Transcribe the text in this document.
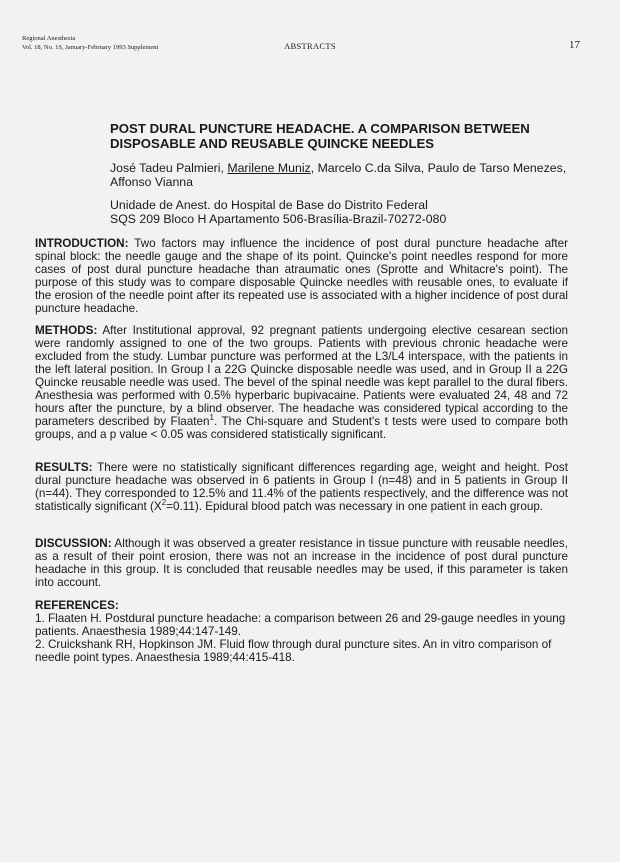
Regional Anesthesia
Vol. 18, No. 1S, January-February 1993 Supplement	ABSTRACTS	17
POST DURAL PUNCTURE HEADACHE. A COMPARISON BETWEEN
DISPOSABLE AND REUSABLE QUINCKE NEEDLES
José Tadeu Palmieri, Marilene Muniz, Marcelo C.da Silva, Paulo de Tarso Menezes, Affonso Vianna
Unidade de Anest. do Hospital de Base do Distrito Federal
SQS 209 Bloco H Apartamento 506-Brasília-Brazil-70272-080
INTRODUCTION: Two factors may influence the incidence of post dural puncture headache after spinal block: the needle gauge and the shape of its point. Quincke's point needles respond for more cases of post dural puncture headache than atraumatic ones (Sprotte and Whitacre's point). The purpose of this study was to compare disposable Quincke needles with reusable ones, to evaluate if the erosion of the needle point after its repeated use is associated with a higher incidence of post dural puncture headache.
METHODS: After Institutional approval, 92 pregnant patients undergoing elective cesarean section were randomly assigned to one of the two groups. Patients with previous chronic headache were excluded from the study. Lumbar puncture was performed at the L3/L4 interspace, with the patients in the left lateral position. In Group I a 22G Quincke disposable needle was used, and in Group II a 22G Quincke reusable needle was used. The bevel of the spinal needle was kept parallel to the dural fibers. Anesthesia was performed with 0.5% hyperbaric bupivacaine. Patients were evaluated 24, 48 and 72 hours after the puncture, by a blind observer. The headache was considered typical according to the parameters described by Flaaten$^1$. The Chi-square and Student's t tests were used to compare both groups, and a p value < 0.05 was considered statistically significant.
RESULTS: There were no statistically significant differences regarding age, weight and height. Post dural puncture headache was observed in 6 patients in Group I (n=48) and in 5 patients in Group II (n=44). They corresponded to 12.5% and 11.4% of the patients respectively, and the difference was not statistically significant $(X^2=0.11)$. Epidural blood patch was necessary in one patient in each group.
DISCUSSION: Although it was observed a greater resistance in tissue puncture with reusable needles, as a result of their point erosion, there was not an increase in the incidence of post dural puncture headache in this group. It is concluded that reusable needles may be used, if this parameter is taken into account.
REFERENCES:
1. Flaaten H. Postdural puncture headache: a comparison between 26 and 29-gauge needles in young patients. Anaesthesia 1989;44:147-149.
2. Cruickshank RH, Hopkinson JM. Fluid flow through dural puncture sites. An in vitro comparison of needle point types. Anaesthesia 1989;44:415-418.
